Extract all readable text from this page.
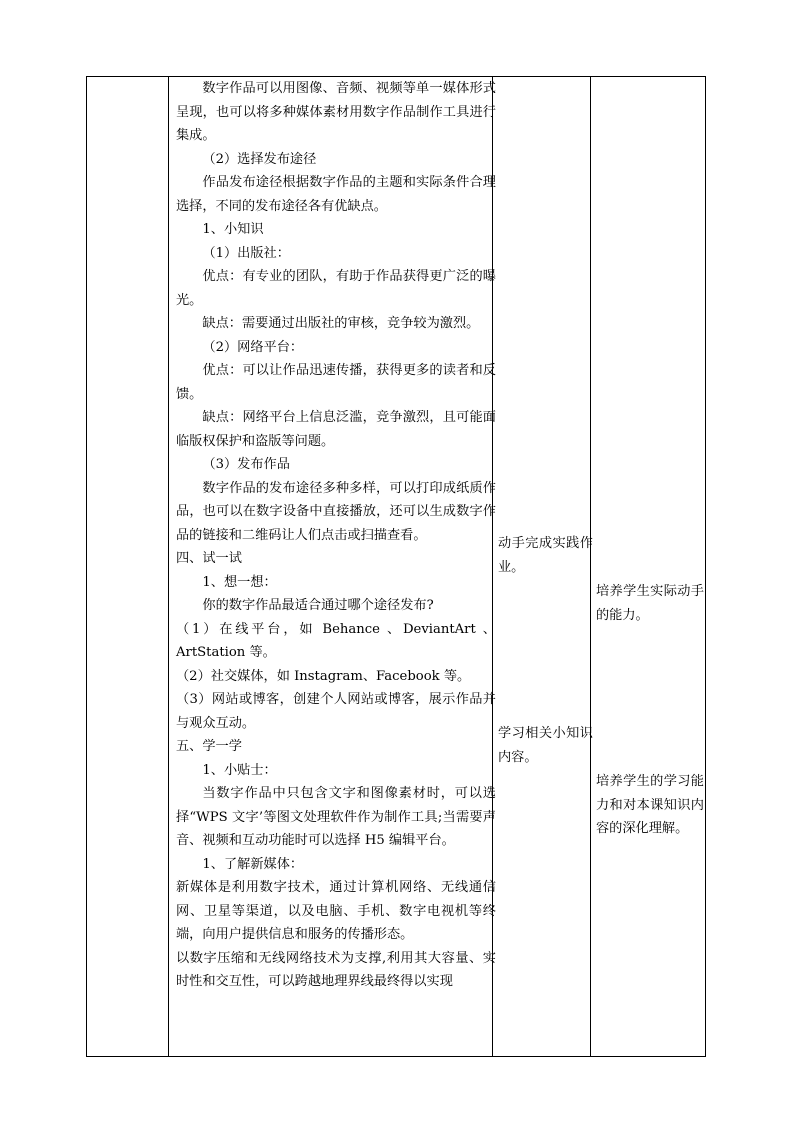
数字作品可以用图像、音频、视频等单一媒体形式呈现，也可以将多种媒体素材用数字作品制作工具进行集成。

（2）选择发布途径

作品发布途径根据数字作品的主题和实际条件合理选择，不同的发布途径各有优缺点。

1、小知识

（1）出版社：

优点：有专业的团队，有助于作品获得更广泛的曝光。

缺点：需要通过出版社的审核，竞争较为激烈。

（2）网络平台：

优点：可以让作品迅速传播，获得更多的读者和反馈。

缺点：网络平台上信息泛滥，竞争激烈，且可能面临版权保护和盗版等问题。

（3）发布作品

数字作品的发布途径多种多样，可以打印成纸质作品，也可以在数字设备中直接播放，还可以生成数字作品的链接和二维码让人们点击或扫描查看。

四、试一试

1、想一想：

你的数字作品最适合通过哪个途径发布?

（1）在线平台，如 Behance 、DeviantArt 、ArtStation 等。

（2）社交媒体，如 Instagram、Facebook 等。

（3）网站或博客，创建个人网站或博客，展示作品并与观众互动。

五、学一学

1、小贴士：

当数字作品中只包含文字和图像素材时，可以选择“WPS 文字’等图文处理软件作为制作工具;当需要声音、视频和互动功能时可以选择 H5 编辑平台。

1、了解新媒体：

新媒体是利用数字技术，通过计算机网络、无线通信网、卫星等渠道，以及电脑、手机、数字电视机等终端，向用户提供信息和服务的传播形态。

以数字压缩和无线网络技术为支撑,利用其大容量、实时性和交互性，可以跨越地理界线最终得以实现

动手完成实践作业。

学习相关小知识内容。

培养学生实际动手的能力。

培养学生的学习能力和对本课知识内容的深化理解。
